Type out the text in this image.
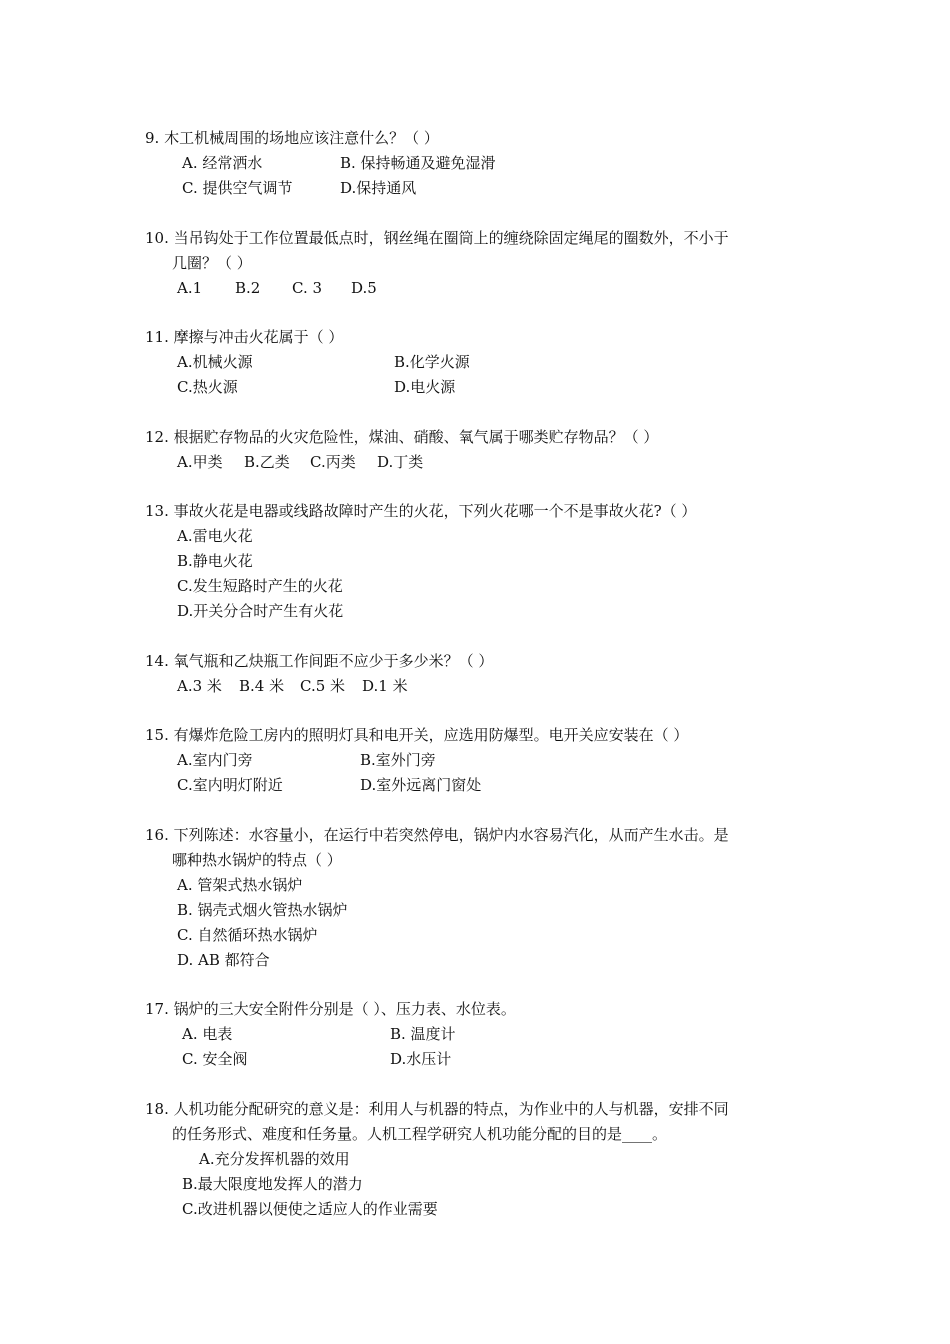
9. 木工机械周围的场地应该注意什么？（ ）
A. 经常洒水	B. 保持畅通及避免湿滑
C. 提供空气调节	D.保持通风
10. 当吊钩处于工作位置最低点时，钢丝绳在圈筒上的缠绕除固定绳尾的圈数外，不小于
几圈？（ ）
A.1 B.2 C. 3 D.5
11. 摩擦与冲击火花属于（ ）
A.机械火源	B.化学火源
C.热火源	D.电火源
12. 根据贮存物品的火灾危险性，煤油、硝酸、氧气属于哪类贮存物品？（ ）
A.甲类 B.乙类 C.丙类 D.丁类
13. 事故火花是电器或线路故障时产生的火花，下列火花哪一个不是事故火花?（ ）
A.雷电火花
B.静电火花
C.发生短路时产生的火花
D.开关分合时产生有火花
14. 氧气瓶和乙炔瓶工作间距不应少于多少米？（ ）
A.3 米 B.4 米 C.5 米 D.1 米
15. 有爆炸危险工房内的照明灯具和电开关，应选用防爆型。电开关应安装在（ ）
A.室内门旁	B.室外门旁
C.室内明灯附近	D.室外远离门窗处
16. 下列陈述：水容量小，在运行中若突然停电，锅炉内水容易汽化，从而产生水击。是
哪种热水锅炉的特点（ ）
A. 管架式热水锅炉
B. 锅壳式烟火管热水锅炉
C. 自然循环热水锅炉
D. AB 都符合
17. 锅炉的三大安全附件分别是（ ）、压力表、水位表。
A. 电表	B. 温度计
C. 安全阀	D.水压计
18. 人机功能分配研究的意义是：利用人与机器的特点，为作业中的人与机器，安排不同
的任务形式、难度和任务量。人机工程学研究人机功能分配的目的是____。
A.充分发挥机器的效用
B.最大限度地发挥人的潜力
C.改进机器以便使之适应人的作业需要
